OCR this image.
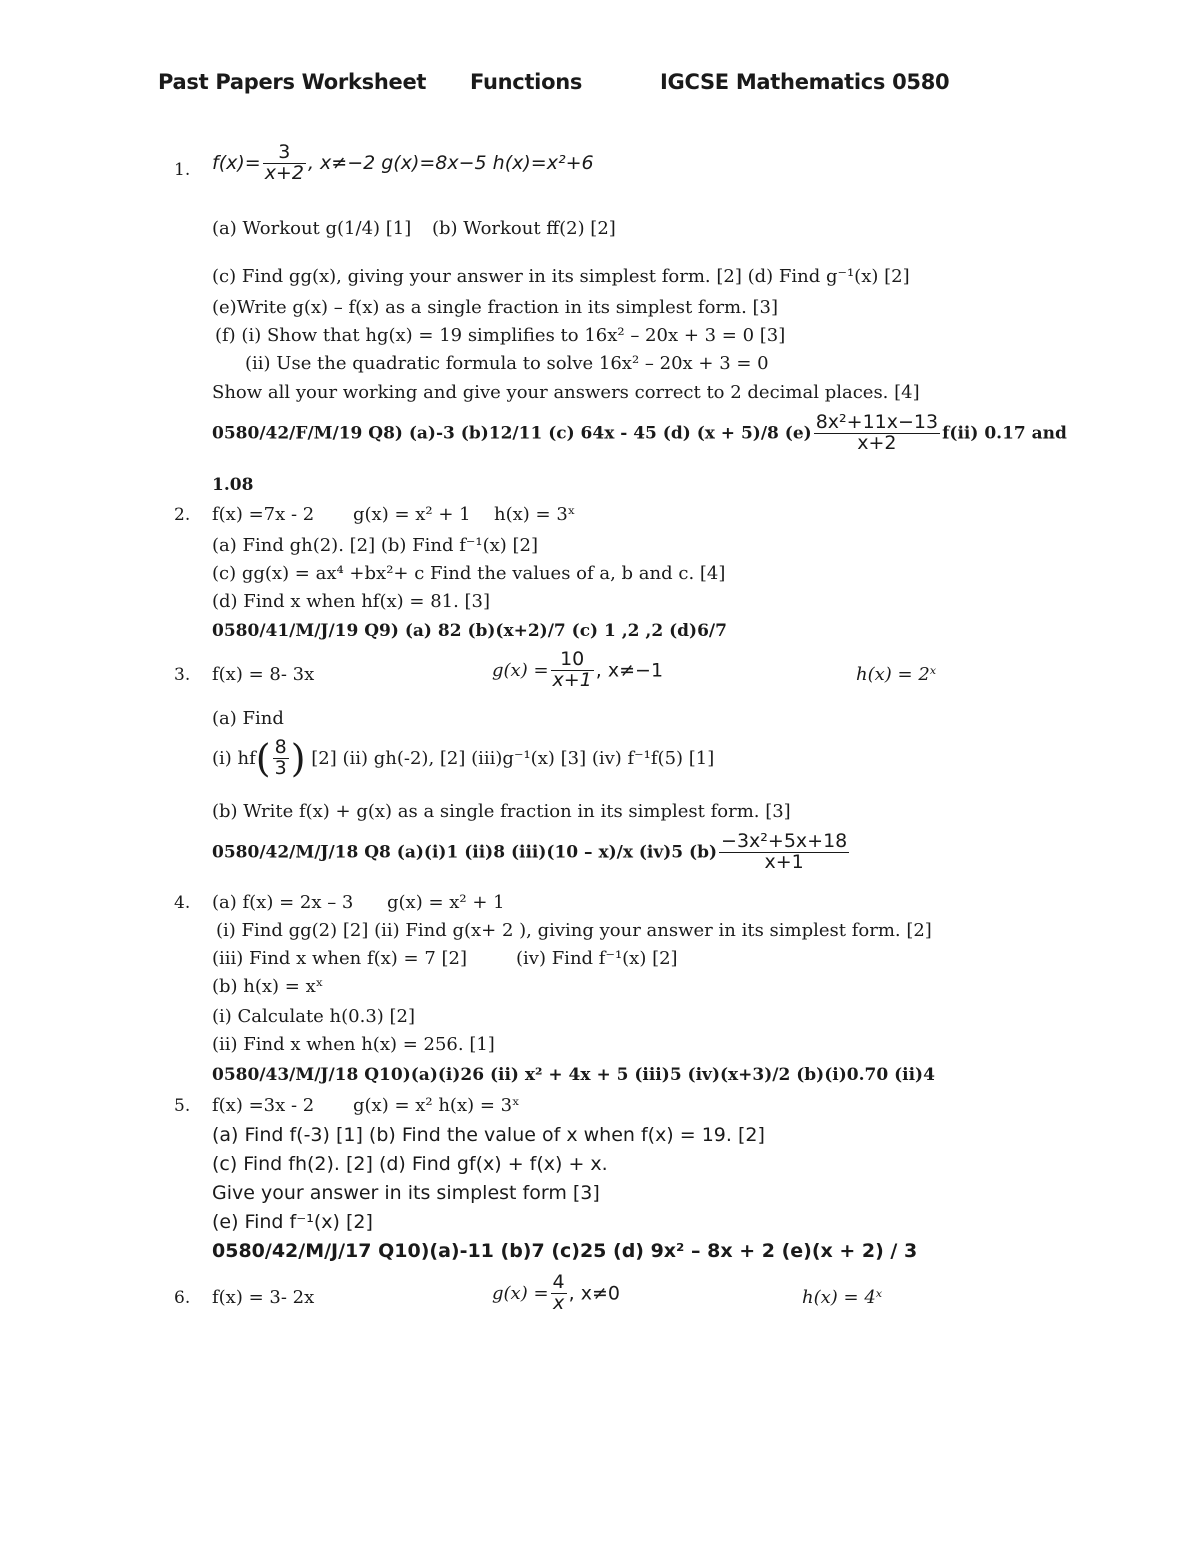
Past Papers Worksheet Functions	IGCSE Mathematics 0580
1. $f(x)= \frac{3}{x+2}$ , x≠−2 g(x)=8x−5 h(x)=x²+6
(a) Workout g(1/4) [1] (b) Workout ff(2) [2]
(c) Find gg(x), giving your answer in its simplest form. [2] (d) Find g⁻¹(x) [2]
(e)Write g(x) – f(x) as a single fraction in its simplest form. [3]
(f) (i) Show that hg(x) = 19 simplifies to 16x² – 20x + 3 = 0 [3]
(ii) Use the quadratic formula to solve 16x² – 20x + 3 = 0
Show all your working and give your answers correct to 2 decimal places. [4]
0580/42/F/M/19 Q8) (a)-3 (b)12/11 (c) 64x - 45 (d) (x + 5)/8 $(e) \frac{\text{8x²+11x−13}}{x+2} f(ii)$ 0.17 and
1.08
2. f(x) =7x - 2 g(x) = x² + 1 h(x) = 3ˣ
(a) Find gh(2). [2] (b) Find f⁻¹(x) [2]
(c) gg(x) = ax⁴ +bx²+ c Find the values of a, b and c. [4]
(d) Find x when hf(x) = 81. [3]
0580/41/M/J/19 Q9) (a) 82 (b)(x+2)/7 (c) 1 ,2 ,2 (d)6/7
3. f(x) = 8- 3x	$g(x) = \frac{10}{x+1}$ , x≠−1	h(x) = 2ˣ
(a) Find
(i) $hf( \frac{8}{3}$ ) [2] (ii) gh(-2), [2] (iii)g⁻¹(x) [3] (iv) f⁻¹f(5) [1]
(b) Write f(x) + g(x) as a single fraction in its simplest form. [3]
0580/42/M/J/18 Q8 (a)(i)1 (ii)8 (iii)(10 – x)/x (iv)5 $(b) \frac{\text{−3x²+5x+18}}{x+1}$
4. (a) f(x) = 2x – 3 g(x) = x² + 1
(i) Find gg(2) [2] (ii) Find g(x+ 2 ), giving your answer in its simplest form. [2]
(iii) Find x when f(x) = 7 [2]	(iv) Find f⁻¹(x) [2]
(b) h(x) = xˣ
(i) Calculate h(0.3) [2]
(ii) Find x when h(x) = 256. [1]
0580/43/M/J/18 Q10)(a)(i)26 (ii) x² + 4x + 5 (iii)5 (iv)(x+3)/2 (b)(i)0.70 (ii)4
5. f(x) =3x - 2 g(x) = x² h(x) = 3ˣ
(a) Find f(-3) [1] (b) Find the value of x when f(x) = 19. [2]
(c) Find fh(2). [2] (d) Find gf(x) + f(x) + x.
Give your answer in its simplest form [3]
(e) Find f⁻¹(x) [2]
0580/42/M/J/17 Q10)(a)-11 (b)7 (c)25 (d) 9x² – 8x + 2 (e)(x + 2) / 3
6. f(x) = 3- 2x	$g(x) = \frac{4}{x}$ , x≠0	h(x) = 4ˣ
